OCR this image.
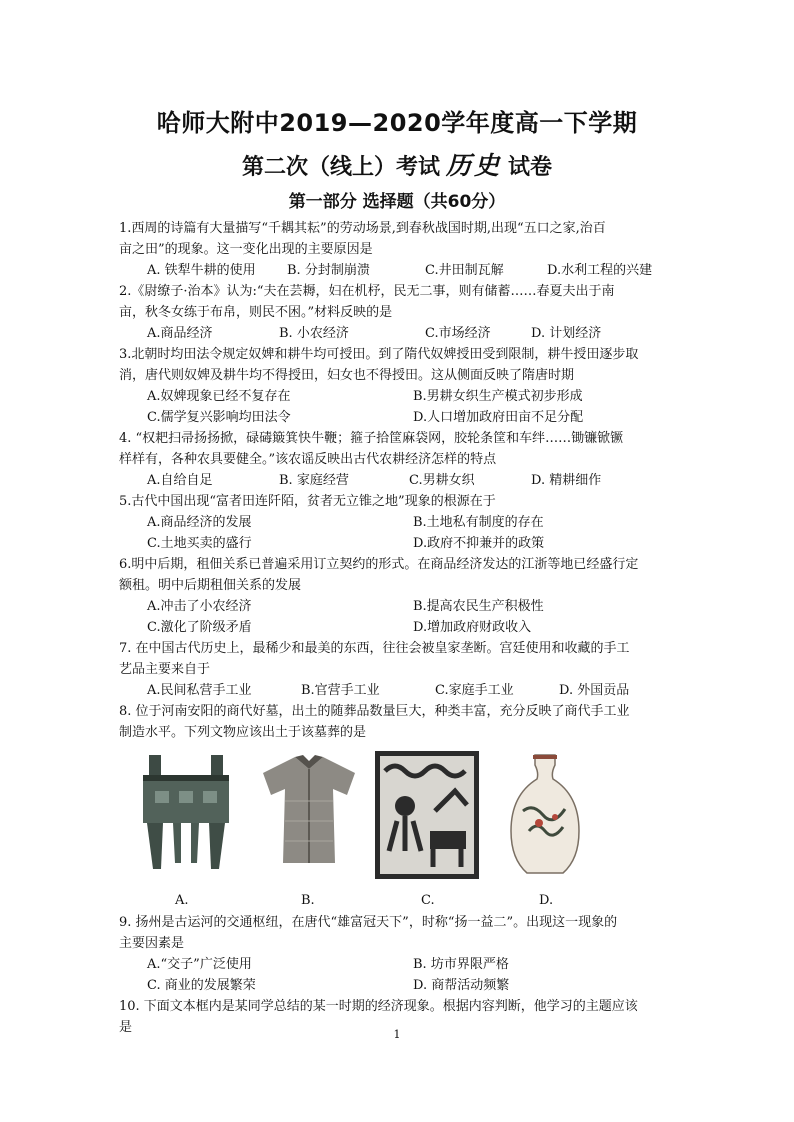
哈师大附中2019—2020学年度高一下学期
第二次（线上）考试 历史 试卷
第一部分 选择题（共60分）

1.西周的诗篇有大量描写“千耦其耘”的劳动场景,到春秋战国时期,出现“五口之家,治百

亩之田”的现象。这一变化出现的主要原因是

A. 铁犁牛耕的使用	B. 分封制崩溃	C.井田制瓦解	D.水利工程的兴建

2.《尉缭子·治本》认为:“夫在芸耨，妇在机杼，民无二事，则有储蓄……春夏夫出于南

亩，秋冬女练于布帛，则民不困。”材料反映的是

A.商品经济	B. 小农经济	C.市场经济	D. 计划经济

3.北朝时均田法令规定奴婢和耕牛均可授田。到了隋代奴婢授田受到限制，耕牛授田逐步取

消，唐代则奴婢及耕牛均不得授田，妇女也不得授田。这从侧面反映了隋唐时期

A.奴婢现象已经不复存在	B.男耕女织生产模式初步形成
C.儒学复兴影响均田法令	D.人口增加政府田亩不足分配

4. “权耙扫帚扬扬掀，碌碡簸箕快牛鞭；箍子拾筐麻袋网，胶轮条筐和车绊……锄镰锨镢

样样有，各种农具要健全。”该农谣反映出古代农耕经济怎样的特点

A.自给自足	B. 家庭经营	C.男耕女织	D. 精耕细作

5.古代中国出现“富者田连阡陌，贫者无立锥之地”现象的根源在于

A.商品经济的发展	B.土地私有制度的存在
C.土地买卖的盛行	D.政府不抑兼并的政策

6.明中后期，租佃关系已普遍采用订立契约的形式。在商品经济发达的江浙等地已经盛行定

额租。明中后期租佃关系的发展

A.冲击了小农经济	B.提高农民生产积极性
C.激化了阶级矛盾	D.增加政府财政收入

7. 在中国古代历史上，最稀少和最美的东西，往往会被皇家垄断。宫廷使用和收藏的手工

艺品主要来自于

A.民间私营手工业	B.官营手工业	C.家庭手工业	D. 外国贡品

8. 位于河南安阳的商代好墓，出土的随葬品数量巨大，种类丰富，充分反映了商代手工业

制造水平。下列文物应该出土于该墓葬的是

A.	B.	C.	D.

9. 扬州是古运河的交通枢纽，在唐代“雄富冠天下”，时称“扬一益二”。出现这一现象的

主要因素是

A.“交子”广泛使用	B. 坊市界限严格
C. 商业的发展繁荣	D. 商帮活动频繁

10. 下面文本框内是某同学总结的某一时期的经济现象。根据内容判断，他学习的主题应该

是	1
